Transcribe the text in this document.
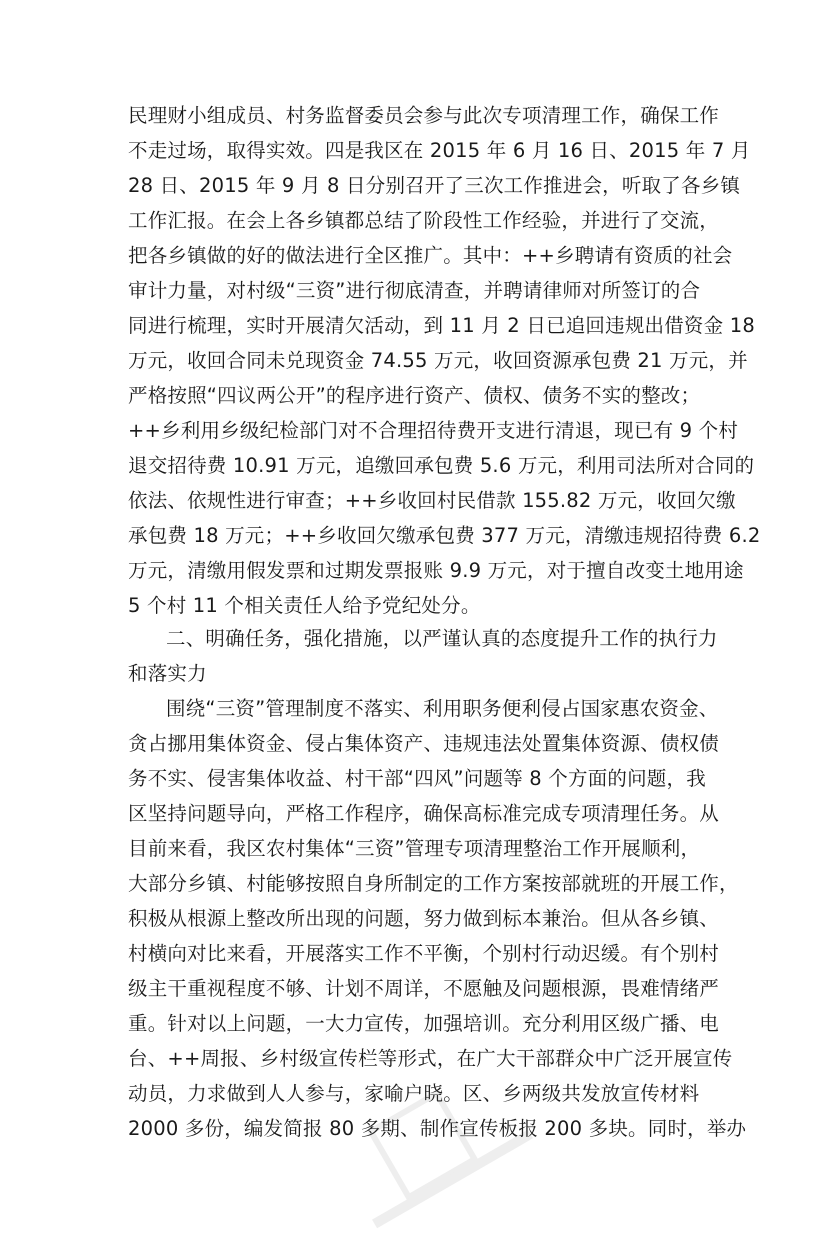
民理财小组成员、村务监督委员会参与此次专项清理工作，确保工作
不走过场，取得实效。四是我区在 2015 年 6 月 16 日、2015 年 7 月
28 日、2015 年 9 月 8 日分别召开了三次工作推进会，听取了各乡镇
工作汇报。在会上各乡镇都总结了阶段性工作经验，并进行了交流，
把各乡镇做的好的做法进行全区推广。其中：++乡聘请有资质的社会
审计力量，对村级“三资”进行彻底清查，并聘请律师对所签订的合
同进行梳理，实时开展清欠活动，到 11 月 2 日已追回违规出借资金 18
万元，收回合同未兑现资金 74.55 万元，收回资源承包费 21 万元，并
严格按照“四议两公开”的程序进行资产、债权、债务不实的整改；
++乡利用乡级纪检部门对不合理招待费开支进行清退，现已有 9 个村
退交招待费 10.91 万元，追缴回承包费 5.6 万元，利用司法所对合同的
依法、依规性进行审查；++乡收回村民借款 155.82 万元，收回欠缴
承包费 18 万元；++乡收回欠缴承包费 377 万元，清缴违规招待费 6.2
万元，清缴用假发票和过期发票报账 9.9 万元，对于擅自改变土地用途
5 个村 11 个相关责任人给予党纪处分。
二、明确任务，强化措施，以严谨认真的态度提升工作的执行力
和落实力
围绕“三资”管理制度不落实、利用职务便利侵占国家惠农资金、
贪占挪用集体资金、侵占集体资产、违规违法处置集体资源、债权债
务不实、侵害集体收益、村干部“四风”问题等 8 个方面的问题，我
区坚持问题导向，严格工作程序，确保高标准完成专项清理任务。从
目前来看，我区农村集体“三资”管理专项清理整治工作开展顺利，
大部分乡镇、村能够按照自身所制定的工作方案按部就班的开展工作，
积极从根源上整改所出现的问题，努力做到标本兼治。但从各乡镇、
村横向对比来看，开展落实工作不平衡，个别村行动迟缓。有个别村
级主干重视程度不够、计划不周详，不愿触及问题根源，畏难情绪严
重。针对以上问题，一大力宣传，加强培训。充分利用区级广播、电
台、++周报、乡村级宣传栏等形式，在广大干部群众中广泛开展宣传
动员，力求做到人人参与，家喻户晓。区、乡两级共发放宣传材料
2000 多份，编发简报 80 多期、制作宣传板报 200 多块。同时，举办
